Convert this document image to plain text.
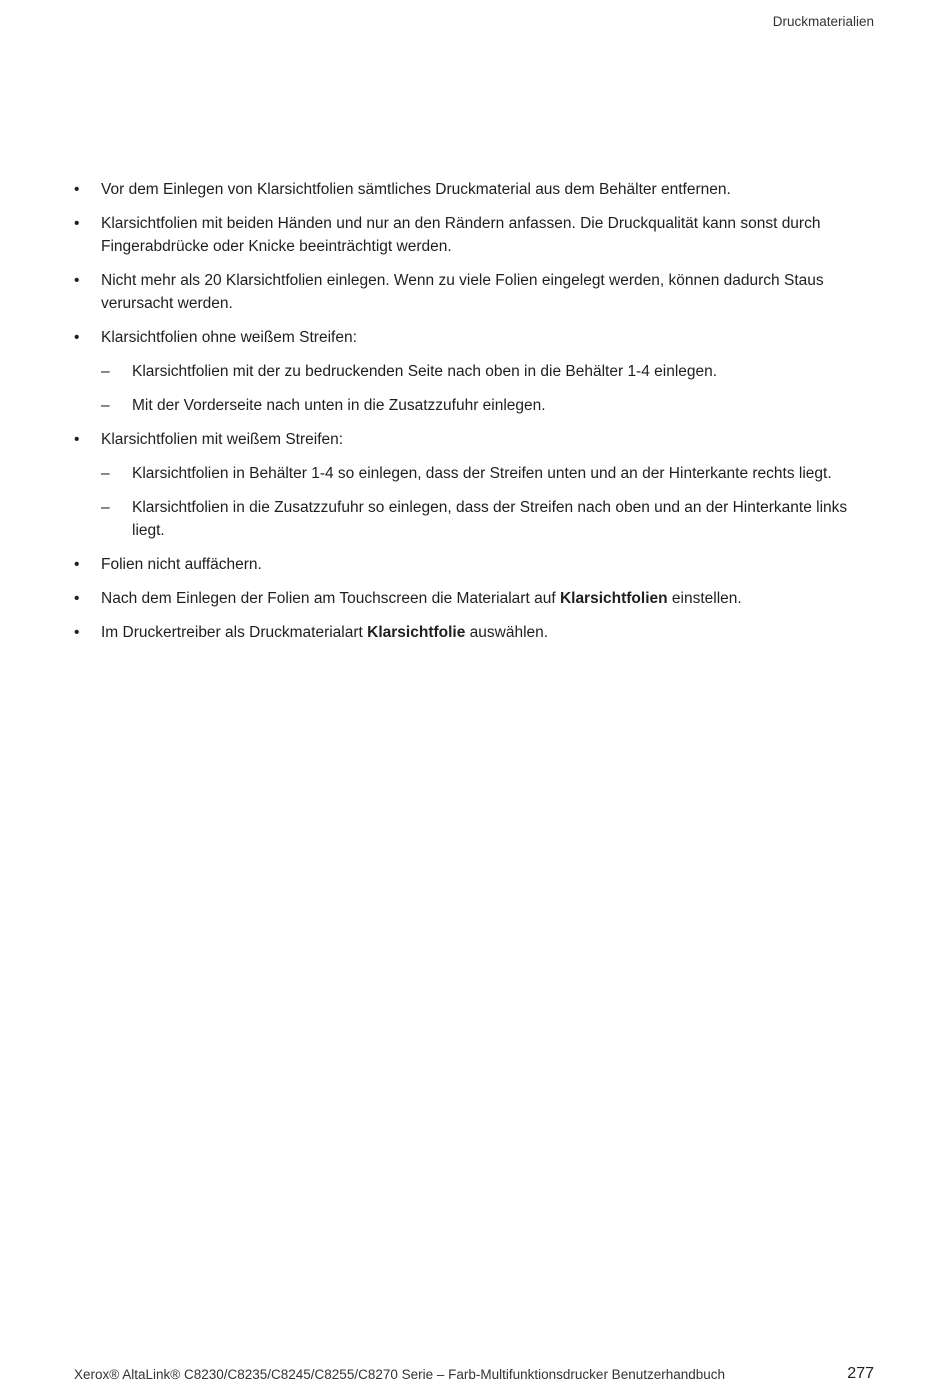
Druckmaterialien
• Vor dem Einlegen von Klarsichtfolien sämtliches Druckmaterial aus dem Behälter entfernen.
• Klarsichtfolien mit beiden Händen und nur an den Rändern anfassen. Die Druckqualität kann sonst durch Fingerabdrücke oder Knicke beeinträchtigt werden.
• Nicht mehr als 20 Klarsichtfolien einlegen. Wenn zu viele Folien eingelegt werden, können dadurch Staus verursacht werden.
• Klarsichtfolien ohne weißem Streifen:
– Klarsichtfolien mit der zu bedruckenden Seite nach oben in die Behälter 1-4 einlegen.
– Mit der Vorderseite nach unten in die Zusatzzufuhr einlegen.
• Klarsichtfolien mit weißem Streifen:
– Klarsichtfolien in Behälter 1-4 so einlegen, dass der Streifen unten und an der Hinterkante rechts liegt.
– Klarsichtfolien in die Zusatzzufuhr so einlegen, dass der Streifen nach oben und an der Hinterkante links liegt.
• Folien nicht auffächern.
• Nach dem Einlegen der Folien am Touchscreen die Materialart auf Klarsichtfolien einstellen.
• Im Druckertreiber als Druckmaterialart Klarsichtfolie auswählen.
Xerox® AltaLink® C8230/C8235/C8245/C8255/C8270 Serie – Farb-Multifunktionsdrucker Benutzerhandbuch	277
